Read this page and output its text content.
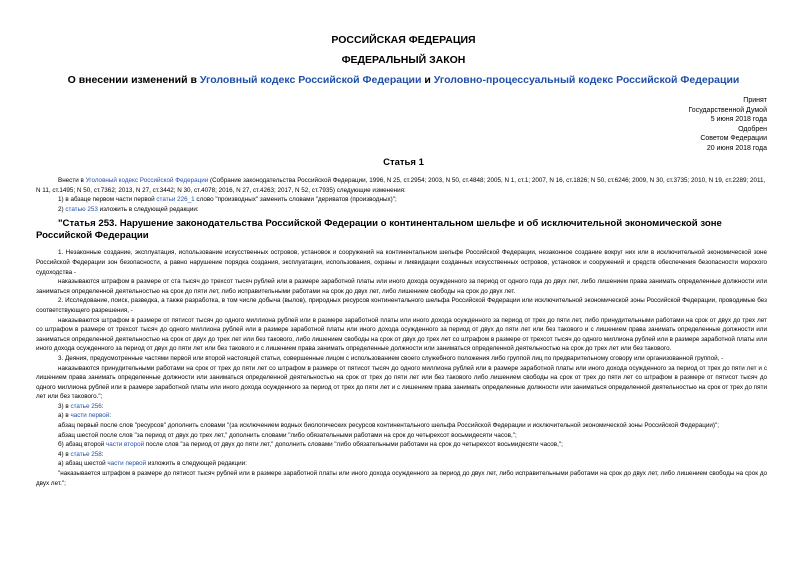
РОССИЙСКАЯ ФЕДЕРАЦИЯ
ФЕДЕРАЛЬНЫЙ ЗАКОН
О внесении изменений в Уголовный кодекс Российской Федерации и Уголовно-процессуальный кодекс Российской Федерации
Принят
Государственной Думой
5 июня 2018 года
Одобрен
Советом Федерации
20 июня 2018 года
Статья 1

Внести в Уголовный кодекс Российской Федерации (Собрание законодательства Российской Федерации, 1996, N 25, ст.2954; 2003, N 50, ст.4848; 2005, N 1, ст.1; 2007, N 16, ст.1826; N 50, ст.6246; 2009, N 30, ст.3735; 2010, N 19, ст.2289; 2011, N 11, ст.1495; N 50, ст.7362; 2013, N 27, ст.3442; N 30, ст.4078; 2016, N 27, ст.4263; 2017, N 52, ст.7935) следующие изменения:

1) в абзаце первом части первой статьи 226_1 слово "производных" заменить словами "дериватов (производных)";

2) статью 253 изложить в следующей редакции:

"Статья 253. Нарушение законодательства Российской Федерации о континентальном шельфе и об исключительной экономической зоне Российской Федерации

1. Незаконные создание, эксплуатация, использование искусственных островов, установок и сооружений на континентальном шельфе Российской Федерации, незаконное создание вокруг них или в исключительной экономической зоне Российской Федерации зон безопасности, а равно нарушение порядка создания, эксплуатации, использования, охраны и ликвидации созданных искусственных островов, установок и сооружений и средств обеспечения безопасности морского судоходства -

наказываются штрафом в размере от ста тысяч до трехсот тысяч рублей или в размере заработной платы или иного дохода осужденного за период от одного года до двух лет, либо лишением права занимать определенные должности или заниматься определенной деятельностью на срок до пяти лет, либо исправительными работами на срок до двух лет, либо лишением свободы на срок до двух лет.

2. Исследование, поиск, разведка, а также разработка, в том числе добыча (вылов), природных ресурсов континентального шельфа Российской Федерации или исключительной экономической зоны Российской Федерации, проводимые без соответствующего разрешения, -

наказываются штрафом в размере от пятисот тысяч до одного миллиона рублей или в размере заработной платы или иного дохода осужденного за период от трех до пяти лет, либо принудительными работами на срок от двух до трех лет со штрафом в размере от трехсот тысяч до одного миллиона рублей или в размере заработной платы или иного дохода осужденного за период от двух до пяти лет или без такового и с лишением права занимать определенные должности или заниматься определенной деятельностью на срок от двух до трех лет или без такового, либо лишением свободы на срок от двух до трех лет со штрафом в размере от трехсот тысяч до одного миллиона рублей или в размере заработной платы или иного дохода осужденного за период от двух до пяти лет или без такового и с лишением права занимать определенные должности или заниматься определенной деятельностью на срок до трех лет или без такового.

3. Деяния, предусмотренные частями первой или второй настоящей статьи, совершенные лицом с использованием своего служебного положения либо группой лиц по предварительному сговору или организованной группой, -

наказываются принудительными работами на срок от трех до пяти лет со штрафом в размере от пятисот тысяч до одного миллиона рублей или в размере заработной платы или иного дохода осужденного за период от трех до пяти лет и с лишением права занимать определенные должности или заниматься определенной деятельностью на срок от трех до пяти лет или без такового либо лишением свободы на срок от трех до пяти лет со штрафом в размере от пятисот тысяч до одного миллиона рублей или в размере заработной платы или иного дохода осужденного за период от трех до пяти лет и с лишением права занимать определенные должности или заниматься определенной деятельностью на срок от трех до пяти лет или без такового.";

3) в статье 256:

а) в части первой:

абзац первый после слов "ресурсов" дополнить словами "(за исключением водных биологических ресурсов континентального шельфа Российской Федерации и исключительной экономической зоны Российской Федерации)";

абзац шестой после слов "за период от двух до трех лет," дополнить словами "либо обязательными работами на срок до четырехсот восьмидесяти часов,";

б) абзац второй части второй после слов "за период от двух до пяти лет," дополнить словами "либо обязательными работами на срок до четырехсот восьмидесяти часов,";

4) в статье 258:

а) абзац шестой части первой изложить в следующей редакции:

"наказывается штрафом в размере до пятисот тысяч рублей или в размере заработной платы или иного дохода осужденного за период до двух лет, либо исправительными работами на срок до двух лет, либо лишением свободы на срок до двух лет.";
